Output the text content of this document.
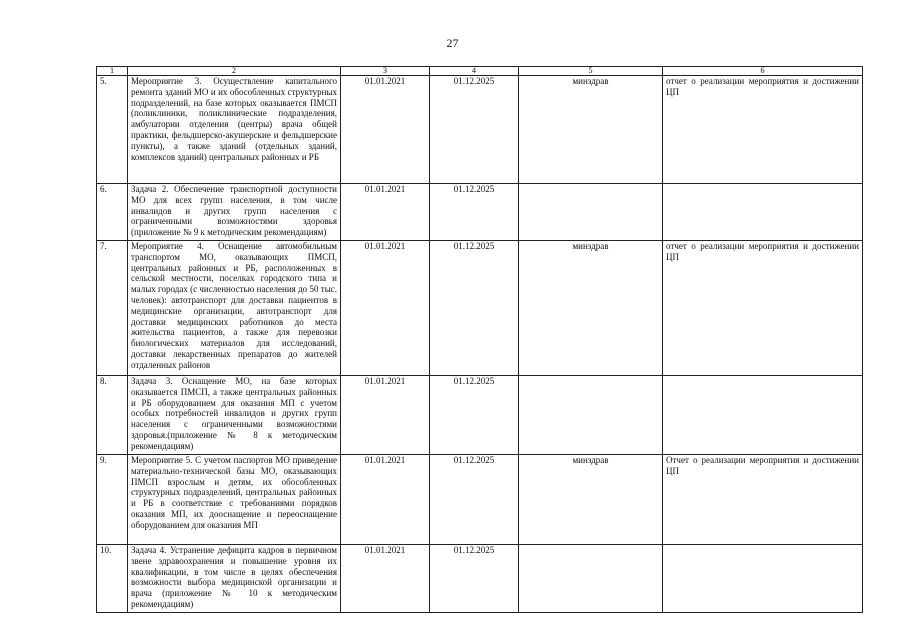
27
1	2	3	4	5	6
5.	Мероприятие 3. Осуществление капитального ремонта зданий МО и их обособленных структурных подразделений, на базе которых оказывается ПМСП (поликлиники, поликлинические подразделения, амбулатории отделения (центры) врача общей практики, фельдшерско-акушерские и фельдшерские пункты), а также зданий (отдельных зданий, комплексов зданий) центральных районных и РБ	01.01.2021	01.12.2025	минздрав	отчет о реализации мероприятия и достижении ЦП
6.	Задача 2. Обеспечение транспортной доступности МО для всех групп населения, в том числе инвалидов и других групп населения с ограниченными возможностями здоровья (приложение № 9 к методическим рекомендациям)	01.01.2021	01.12.2025		
7.	Мероприятие 4. Оснащение автомобильным транспортом МО, оказывающих ПМСП, центральных районных и РБ, расположенных в сельской местности, поселках городского типа и малых городах (с численностью населения до 50 тыс. человек): автотранспорт для доставки пациентов в медицинские организации, автотранспорт для доставки медицинских работников до места жительства пациентов, а также для перевозки биологических материалов для исследований, доставки лекарственных препаратов до жителей отдаленных районов	01.01.2021	01.12.2025	минздрав	отчет о реализации мероприятия и достижении ЦП
8.	Задача 3. Оснащение МО, на базе которых оказывается ПМСП, а также центральных районных и РБ оборудованием для оказания МП с учетом особых потребностей инвалидов и других групп населения с ограниченными возможностями здоровья.(приложение № 8 к методическим рекомендациям)	01.01.2021	01.12.2025		
9.	Мероприятие 5. С учетом паспортов МО приведение материально-технической базы МО, оказывающих ПМСП взрослым и детям, их обособленных структурных подразделений, центральных районных и РБ в соответствие с требованиями порядков оказания МП, их дооснащение и переоснащение оборудованием для оказания МП	01.01.2021	01.12.2025	минздрав	Отчет о реализации мероприятия и достижении ЦП
10.	Задача 4. Устранение дефицита кадров в первичном звене здравоохранения и повышение уровня их квалификации, в том числе в целях обеспечения возможности выбора медицинской организации и врача (приложение № 10 к методическим рекомендациям)	01.01.2021	01.12.2025		
